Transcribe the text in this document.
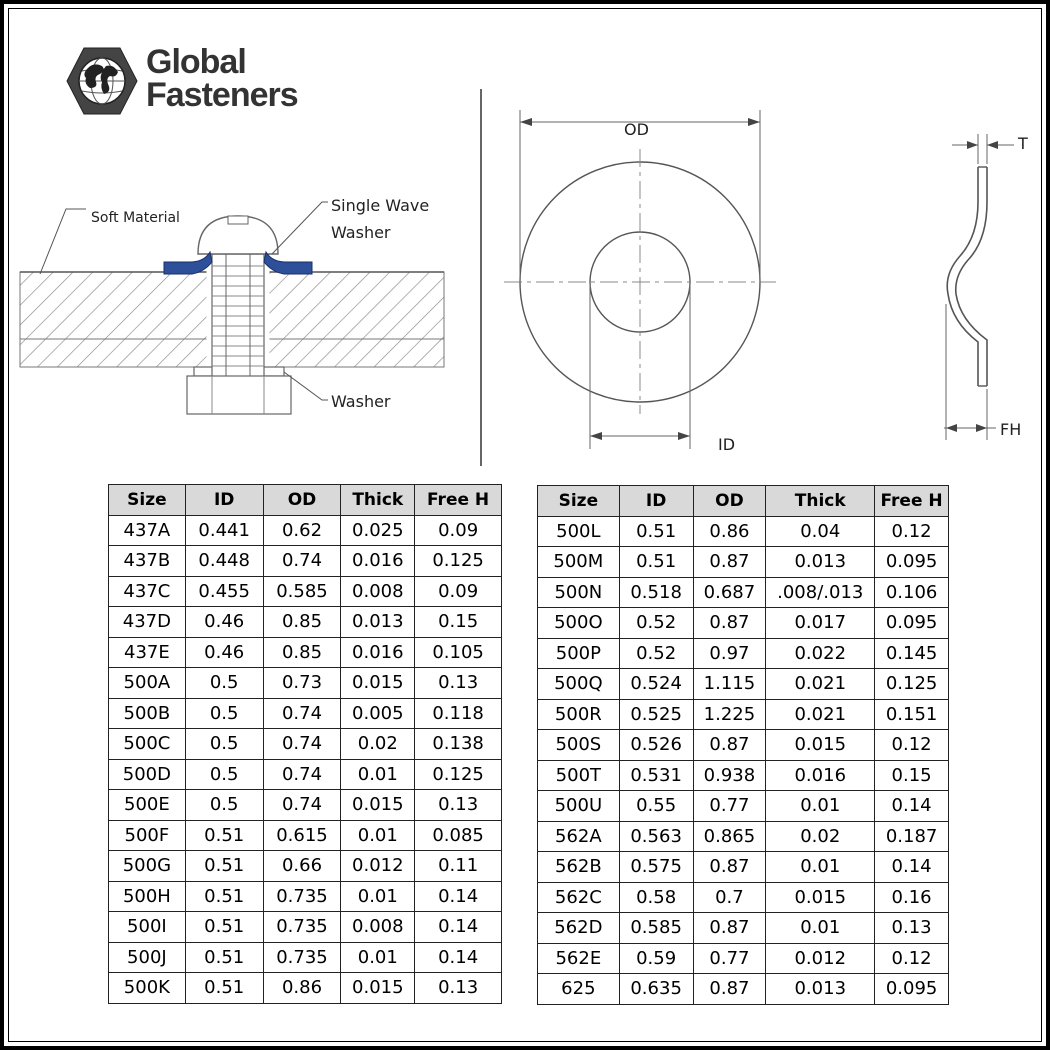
Global
Fasteners
Soft Material
Single Wave
Washer
Washer
OD
ID
T
FH
Size	ID	OD	Thick	Free H
437A	0.441	0.62	0.025	0.09
437B	0.448	0.74	0.016	0.125
437C	0.455	0.585	0.008	0.09
437D	0.46	0.85	0.013	0.15
437E	0.46	0.85	0.016	0.105
500A	0.5	0.73	0.015	0.13
500B	0.5	0.74	0.005	0.118
500C	0.5	0.74	0.02	0.138
500D	0.5	0.74	0.01	0.125
500E	0.5	0.74	0.015	0.13
500F	0.51	0.615	0.01	0.085
500G	0.51	0.66	0.012	0.11
500H	0.51	0.735	0.01	0.14
500I	0.51	0.735	0.008	0.14
500J	0.51	0.735	0.01	0.14
500K	0.51	0.86	0.015	0.13
Size	ID	OD	Thick	Free H
500L	0.51	0.86	0.04	0.12
500M	0.51	0.87	0.013	0.095
500N	0.518	0.687	.008/.013	0.106
500O	0.52	0.87	0.017	0.095
500P	0.52	0.97	0.022	0.145
500Q	0.524	1.115	0.021	0.125
500R	0.525	1.225	0.021	0.151
500S	0.526	0.87	0.015	0.12
500T	0.531	0.938	0.016	0.15
500U	0.55	0.77	0.01	0.14
562A	0.563	0.865	0.02	0.187
562B	0.575	0.87	0.01	0.14
562C	0.58	0.7	0.015	0.16
562D	0.585	0.87	0.01	0.13
562E	0.59	0.77	0.012	0.12
625	0.635	0.87	0.013	0.095
